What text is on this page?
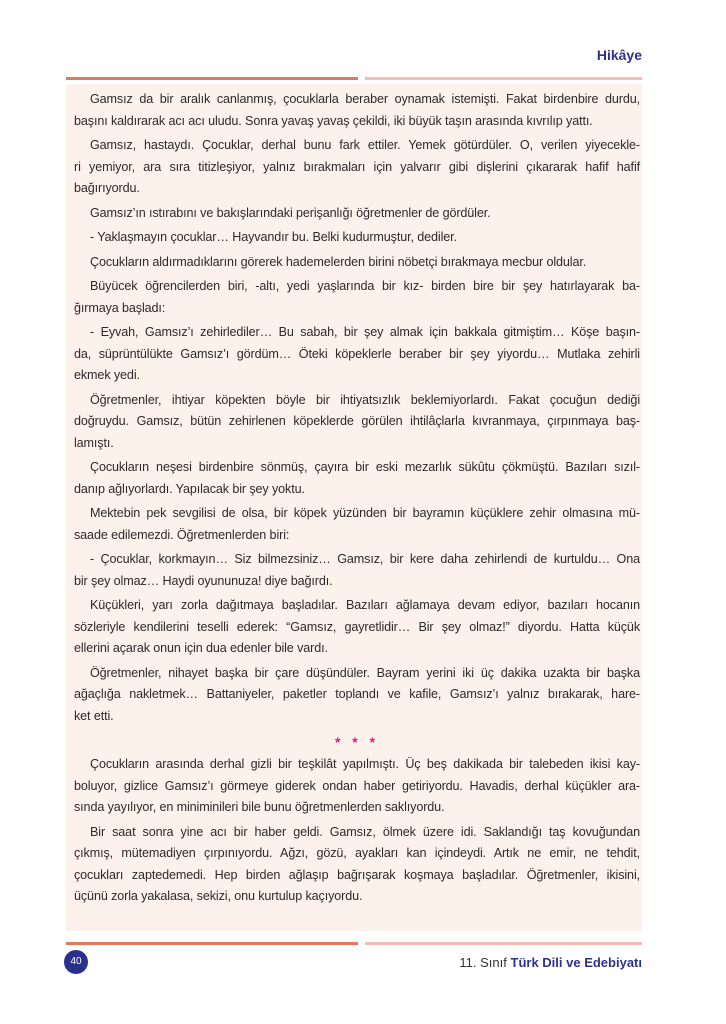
Hikâye
Gamsız da bir aralık canlanmış, çocuklarla beraber oynamak istemişti. Fakat birdenbire durdu,
başını kaldırarak acı acı uludu. Sonra yavaş yavaş çekildi, iki büyük taşın arasında kıvrılıp yattı.
Gamsız, hastaydı. Çocuklar, derhal bunu fark ettiler. Yemek götürdüler. O, verilen yiyecekle-
ri yemiyor, ara sıra titizleşiyor, yalnız bırakmaları için yalvarır gibi dişlerini çıkararak hafif hafif
bağırıyordu.
Gamsız’ın ıstırabını ve bakışlarındaki perişanlığı öğretmenler de gördüler.
- Yaklaşmayın çocuklar… Hayvandır bu. Belki kudurmuştur, dediler.
Çocukların aldırmadıklarını görerek hademelerden birini nöbetçi bırakmaya mecbur oldular.
Büyücek öğrencilerden biri, -altı, yedi yaşlarında bir kız- birden bire bir şey hatırlayarak ba-
ğırmaya başladı:
- Eyvah, Gamsız’ı zehirlediler… Bu sabah, bir şey almak için bakkala gitmiştim… Köşe başın-
da, süprüntülükte Gamsız’ı gördüm… Öteki köpeklerle beraber bir şey yiyordu… Mutlaka zehirli
ekmek yedi.
Öğretmenler, ihtiyar köpekten böyle bir ihtiyatsızlık beklemiyorlardı. Fakat çocuğun dediği
doğruydu. Gamsız, bütün zehirlenen köpeklerde görülen ihtilâçlarla kıvranmaya, çırpınmaya baş-
lamıştı.
Çocukların neşesi birdenbire sönmüş, çayıra bir eski mezarlık sükûtu çökmüştü. Bazıları sızıl-
danıp ağlıyorlardı. Yapılacak bir şey yoktu.
Mektebin pek sevgilisi de olsa, bir köpek yüzünden bir bayramın küçüklere zehir olmasına mü-
saade edilemezdi. Öğretmenlerden biri:
- Çocuklar, korkmayın… Siz bilmezsiniz… Gamsız, bir kere daha zehirlendi de kurtuldu… Ona
bir şey olmaz… Haydi oyununuza! diye bağırdı.
Küçükleri, yarı zorla dağıtmaya başladılar. Bazıları ağlamaya devam ediyor, bazıları hocanın
sözleriyle kendilerini teselli ederek: “Gamsız, gayretlidir… Bir şey olmaz!” diyordu. Hatta küçük
ellerini açarak onun için dua edenler bile vardı.
Öğretmenler, nihayet başka bir çare düşündüler. Bayram yerini iki üç dakika uzakta bir başka
ağaçlığa nakletmek… Battaniyeler, paketler toplandı ve kafile, Gamsız’ı yalnız bırakarak, hare-
ket etti.
* * *
Çocukların arasında derhal gizli bir teşkilât yapılmıştı. Üç beş dakikada bir talebeden ikisi kay-
boluyor, gizlice Gamsız’ı görmeye giderek ondan haber getiriyordu. Havadis, derhal küçükler ara-
sında yayılıyor, en miniminileri bile bunu öğretmenlerden saklıyordu.
Bir saat sonra yine acı bir haber geldi. Gamsız, ölmek üzere idi. Saklandığı taş kovuğundan
çıkmış, mütemadiyen çırpınıyordu. Ağzı, gözü, ayakları kan içindeydi. Artık ne emir, ne tehdit,
çocukları zaptedemedi. Hep birden ağlaşıp bağrışarak koşmaya başladılar. Öğretmenler, ikisini,
üçünü zorla yakalasa, sekizi, onu kurtulup kaçıyordu.
40	11. Sınıf Türk Dili ve Edebiyatı
